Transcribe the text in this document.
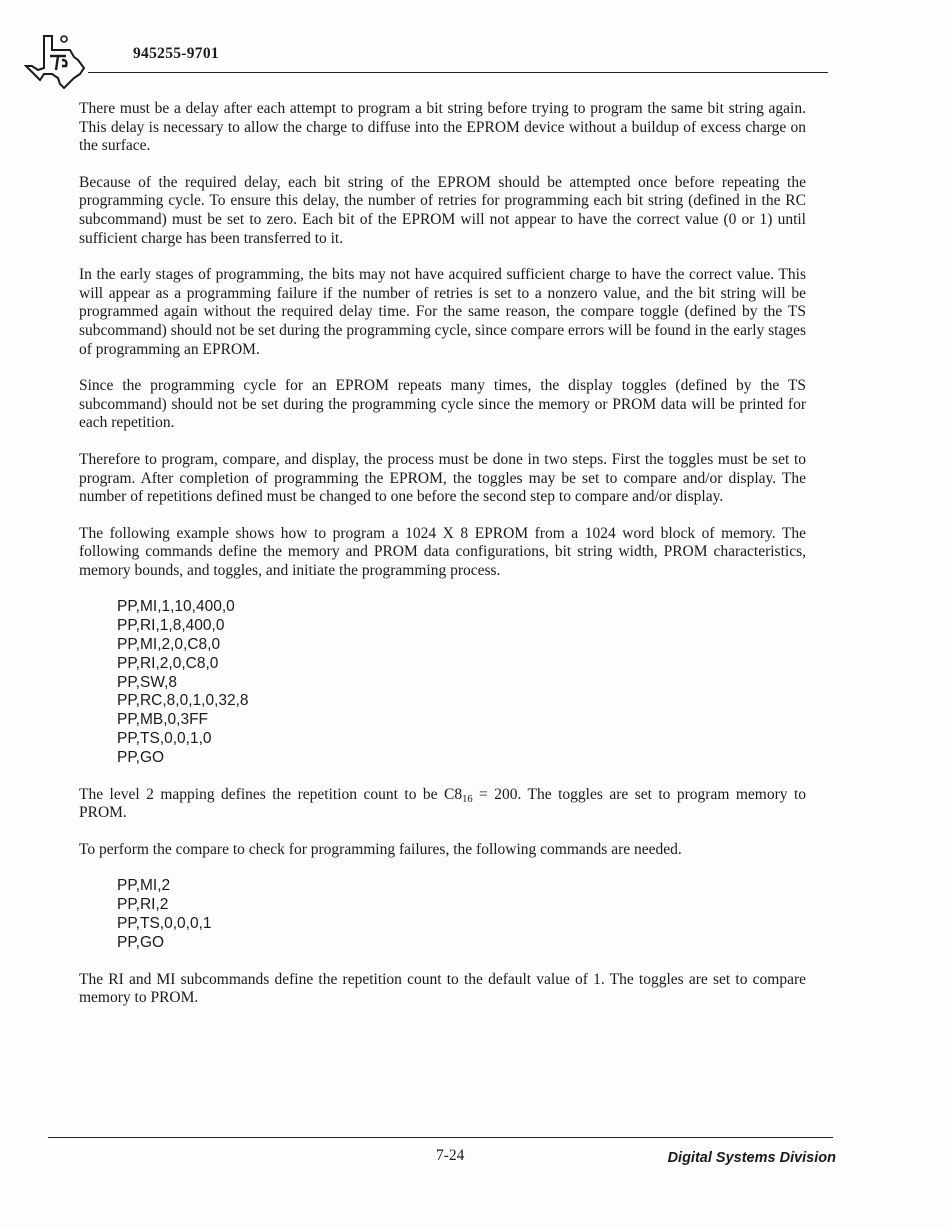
945255-9701

There must be a delay after each attempt to program a bit string before trying to program the same bit string again. This delay is necessary to allow the charge to diffuse into the EPROM device without a buildup of excess charge on the surface.

Because of the required delay, each bit string of the EPROM should be attempted once before repeating the programming cycle. To ensure this delay, the number of retries for programming each bit string (defined in the RC subcommand) must be set to zero. Each bit of the EPROM will not appear to have the correct value (0 or 1) until sufficient charge has been transferred to it.

In the early stages of programming, the bits may not have acquired sufficient charge to have the correct value. This will appear as a programming failure if the number of retries is set to a nonzero value, and the bit string will be programmed again without the required delay time. For the same reason, the compare toggle (defined by the TS subcommand) should not be set during the programming cycle, since compare errors will be found in the early stages of programming an EPROM.

Since the programming cycle for an EPROM repeats many times, the display toggles (defined by the TS subcommand) should not be set during the programming cycle since the memory or PROM data will be printed for each repetition.

Therefore to program, compare, and display, the process must be done in two steps. First the toggles must be set to program. After completion of programming the EPROM, the toggles may be set to compare and/or display. The number of repetitions defined must be changed to one before the second step to compare and/or display.

The following example shows how to program a 1024 X 8 EPROM from a 1024 word block of memory. The following commands define the memory and PROM data configurations, bit string width, PROM characteristics, memory bounds, and toggles, and initiate the programming process.

PP,MI,1,10,400,0
PP,RI,1,8,400,0
PP,MI,2,0,C8,0
PP,RI,2,0,C8,0
PP,SW,8
PP,RC,8,0,1,0,32,8
PP,MB,0,3FF
PP,TS,0,0,1,0
PP,GO

The level 2 mapping defines the repetition count to be $C8_{16} = 200$. The toggles are set to program memory to PROM.

To perform the compare to check for programming failures, the following commands are needed.

PP,MI,2
PP,RI,2
PP,TS,0,0,0,1
PP,GO

The RI and MI subcommands define the repetition count to the default value of 1. The toggles are set to compare memory to PROM.

7-24	Digital Systems Division
